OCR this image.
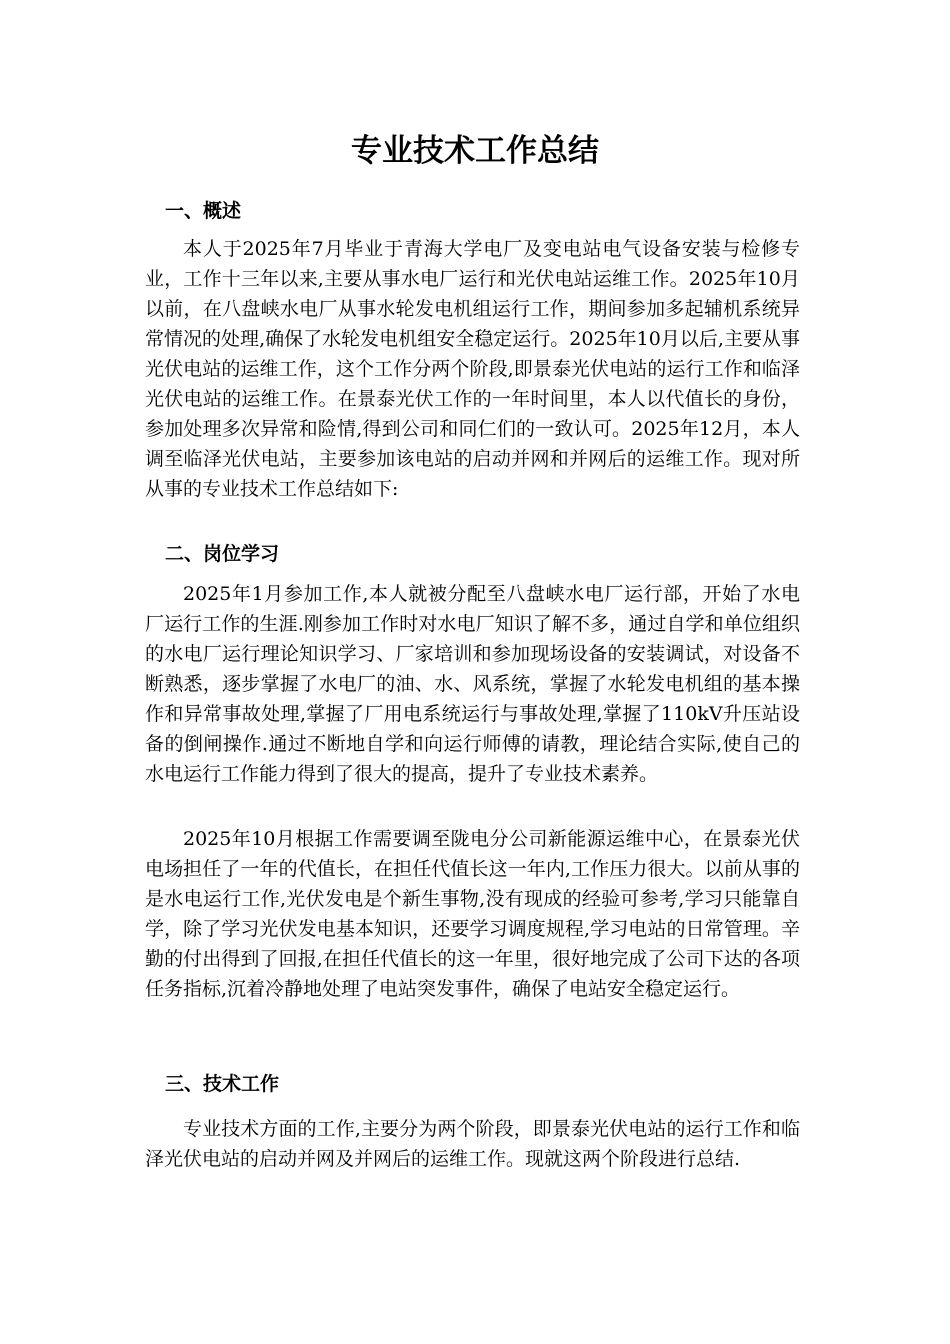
专业技术工作总结
一、概述

本人于2025年7月毕业于青海大学电厂及变电站电气设备安装与检修专业，工作十三年以来,主要从事水电厂运行和光伏电站运维工作。2025年10月以前，在八盘峡水电厂从事水轮发电机组运行工作，期间参加多起辅机系统异常情况的处理,确保了水轮发电机组安全稳定运行。2025年10月以后,主要从事光伏电站的运维工作，这个工作分两个阶段,即景泰光伏电站的运行工作和临泽光伏电站的运维工作。在景泰光伏工作的一年时间里，本人以代值长的身份，参加处理多次异常和险情,得到公司和同仁们的一致认可。2025年12月，本人调至临泽光伏电站，主要参加该电站的启动并网和并网后的运维工作。现对所从事的专业技术工作总结如下:

二、岗位学习

2025年1月参加工作,本人就被分配至八盘峡水电厂运行部，开始了水电厂运行工作的生涯.刚参加工作时对水电厂知识了解不多，通过自学和单位组织的水电厂运行理论知识学习、厂家培训和参加现场设备的安装调试，对设备不断熟悉，逐步掌握了水电厂的油、水、风系统，掌握了水轮发电机组的基本操作和异常事故处理,掌握了厂用电系统运行与事故处理,掌握了110kV升压站设备的倒闸操作.通过不断地自学和向运行师傅的请教，理论结合实际,使自己的水电运行工作能力得到了很大的提高，提升了专业技术素养。

2025年10月根据工作需要调至陇电分公司新能源运维中心，在景泰光伏电场担任了一年的代值长，在担任代值长这一年内,工作压力很大。以前从事的是水电运行工作,光伏发电是个新生事物,没有现成的经验可参考,学习只能靠自学，除了学习光伏发电基本知识，还要学习调度规程,学习电站的日常管理。辛勤的付出得到了回报,在担任代值长的这一年里，很好地完成了公司下达的各项任务指标,沉着冷静地处理了电站突发事件，确保了电站安全稳定运行。

三、技术工作

专业技术方面的工作,主要分为两个阶段，即景泰光伏电站的运行工作和临泽光伏电站的启动并网及并网后的运维工作。现就这两个阶段进行总结.
